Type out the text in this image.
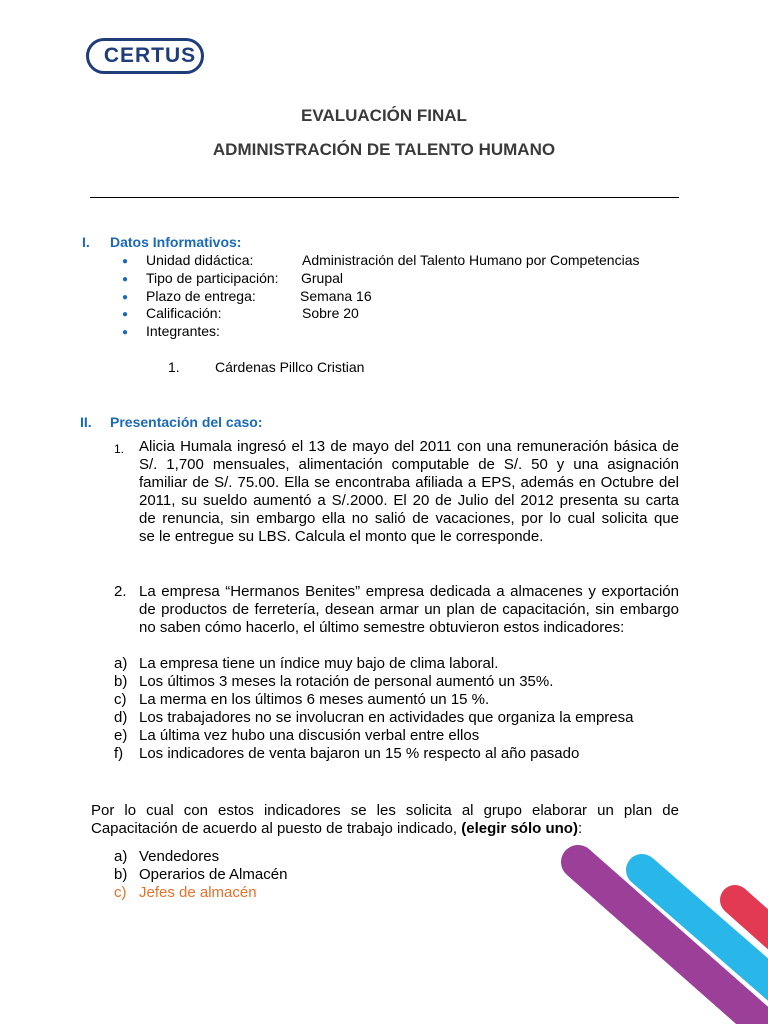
CERTUS
EVALUACIÓN FINAL
ADMINISTRACIÓN DE TALENTO HUMANO
I. Datos Informativos:
● Unidad didáctica:	Administración del Talento Humano por Competencias
● Tipo de participación: Grupal
● Plazo de entrega:	Semana 16
● Calificación:	Sobre 20
● Integrantes:
1.	Cárdenas Pillco Cristian
II. Presentación del caso:
1. Alicia Humala ingresó el 13 de mayo del 2011 con una remuneración básica de
S/. 1,700 mensuales, alimentación computable de S/. 50 y una asignación
familiar de S/. 75.00. Ella se encontraba afiliada a EPS, además en Octubre del
2011, su sueldo aumentó a S/.2000. El 20 de Julio del 2012 presenta su carta
de renuncia, sin embargo ella no salió de vacaciones, por lo cual solicita que
se le entregue su LBS. Calcula el monto que le corresponde.
2. La empresa “Hermanos Benites” empresa dedicada a almacenes y exportación
de productos de ferretería, desean armar un plan de capacitación, sin embargo
no saben cómo hacerlo, el último semestre obtuvieron estos indicadores:
a) La empresa tiene un índice muy bajo de clima laboral.
b) Los últimos 3 meses la rotación de personal aumentó un 35%.
c) La merma en los últimos 6 meses aumentó un 15 %.
d) Los trabajadores no se involucran en actividades que organiza la empresa
e) La última vez hubo una discusión verbal entre ellos
f) Los indicadores de venta bajaron un 15 % respecto al año pasado
Por lo cual con estos indicadores se les solicita al grupo elaborar un plan de
Capacitación de acuerdo al puesto de trabajo indicado, (elegir sólo uno):
a) Vendedores
b) Operarios de Almacén
c) Jefes de almacén
